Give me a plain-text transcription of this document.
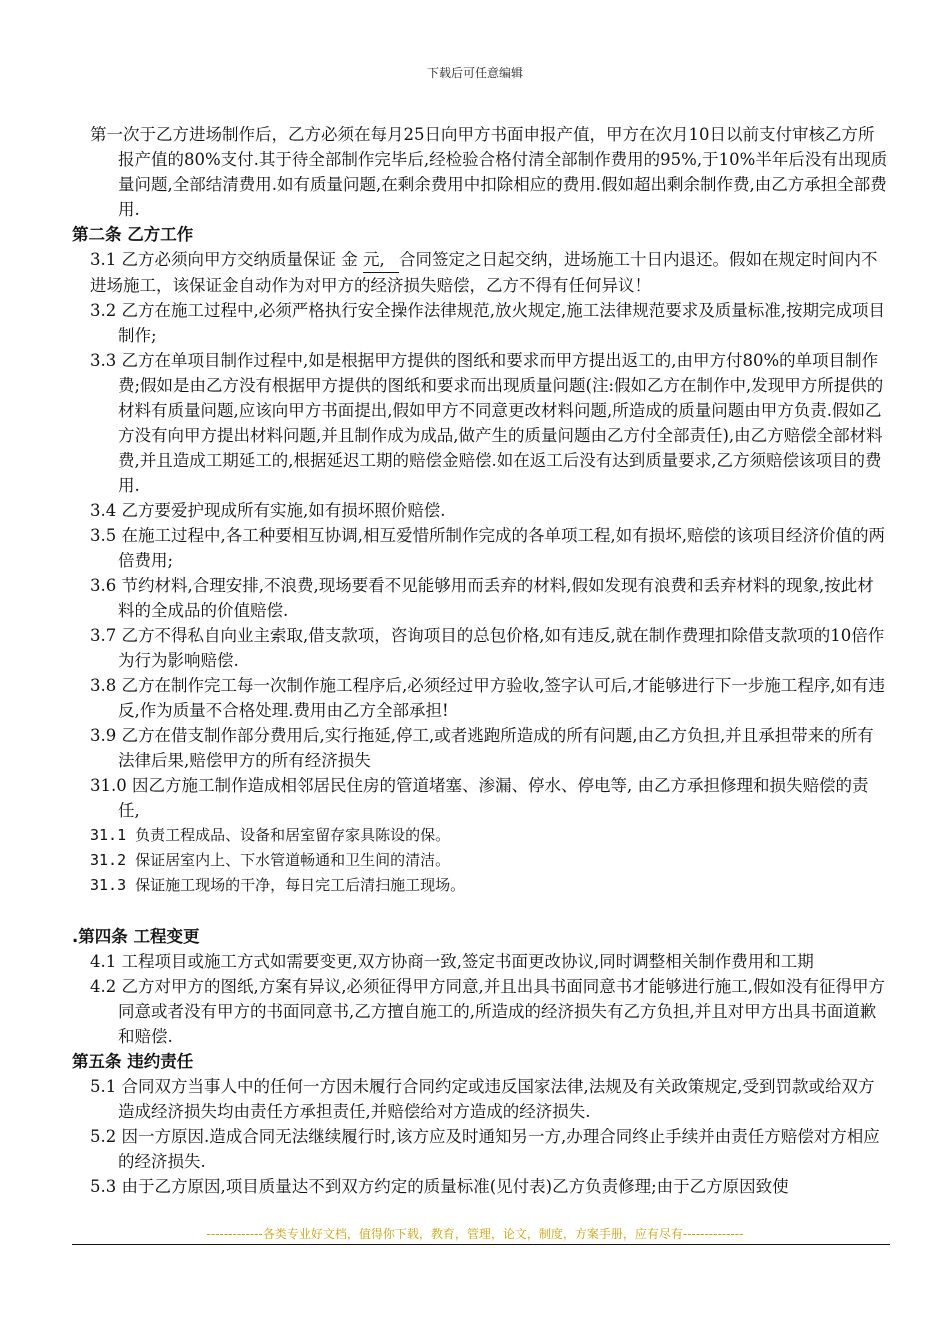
下载后可任意编辑

第一次于乙方进场制作后，乙方必须在每月25日向甲方书面申报产值，甲方在次月10日以前支付审核乙方所报产值的80%支付.其于待全部制作完毕后,经检验合格付清全部制作费用的95%,于10%半年后没有出现质量问题,全部结清费用.如有质量问题,在剩余费用中扣除相应的费用.假如超出剩余制作费,由乙方承担全部费用.

第二条 乙方工作

3.1 乙方必须向甲方交纳质量保证 金 元, 合同签定之日起交纳，进场施工十日内退还。假如在规定时间内不进场施工，该保证金自动作为对甲方的经济损失赔偿，乙方不得有任何异议！

3.2 乙方在施工过程中,必须严格执行安全操作法律规范,放火规定,施工法律规范要求及质量标准,按期完成项目制作;

3.3 乙方在单项目制作过程中,如是根据甲方提供的图纸和要求而甲方提出返工的,由甲方付80%的单项目制作费;假如是由乙方没有根据甲方提供的图纸和要求而出现质量问题(注:假如乙方在制作中,发现甲方所提供的材料有质量问题,应该向甲方书面提出,假如甲方不同意更改材料问题,所造成的质量问题由甲方负责.假如乙方没有向甲方提出材料问题,并且制作成为成品,做产生的质量问题由乙方付全部责任),由乙方赔偿全部材料费,并且造成工期延工的,根据延迟工期的赔偿金赔偿.如在返工后没有达到质量要求,乙方须赔偿该项目的费用.

3.4 乙方要爱护现成所有实施,如有损坏照价赔偿.

3.5 在施工过程中,各工种要相互协调,相互爱惜所制作完成的各单项工程,如有损坏,赔偿的该项目经济价值的两倍费用;

3.6 节约材料,合理安排,不浪费,现场要看不见能够用而丢弃的材料,假如发现有浪费和丢弃材料的现象,按此材料的全成品的价值赔偿.

3.7 乙方不得私自向业主索取,借支款项，咨询项目的总包价格,如有违反,就在制作费理扣除借支款项的10倍作为行为影响赔偿.

3.8 乙方在制作完工每一次制作施工程序后,必须经过甲方验收,签字认可后,才能够进行下一步施工程序,如有违反,作为质量不合格处理.费用由乙方全部承担!

3.9 乙方在借支制作部分费用后,实行拖延,停工,或者逃跑所造成的所有问题,由乙方负担,并且承担带来的所有法律后果,赔偿甲方的所有经济损失

31.0 因乙方施工制作造成相邻居民住房的管道堵塞、渗漏、停水、停电等, 由乙方承担修理和损失赔偿的责任,

31.1 负责工程成品、设备和居室留存家具陈设的保。

31.2 保证居室内上、下水管道畅通和卫生间的清洁。

31.3 保证施工现场的干净，每日完工后清扫施工现场。

.第四条 工程变更

4.1 工程项目或施工方式如需要变更,双方协商一致,签定书面更改协议,同时调整相关制作费用和工期

4.2 乙方对甲方的图纸,方案有异议,必须征得甲方同意,并且出具书面同意书才能够进行施工,假如没有征得甲方同意或者没有甲方的书面同意书,乙方擅自施工的,所造成的经济损失有乙方负担,并且对甲方出具书面道歉和赔偿.

第五条 违约责任

5.1 合同双方当事人中的任何一方因未履行合同约定或违反国家法律,法规及有关政策规定,受到罚款或给双方造成经济损失均由责任方承担责任,并赔偿给对方造成的经济损失.

5.2 因一方原因.造成合同无法继续履行时,该方应及时通知另一方,办理合同终止手续并由责任方赔偿对方相应的经济损失.

5.3 由于乙方原因,项目质量达不到双方约定的质量标准(见付表)乙方负责修理;由于乙方原因致使

-------------各类专业好文档，值得你下载，教育，管理，论文，制度，方案手册，应有尽有--------------
